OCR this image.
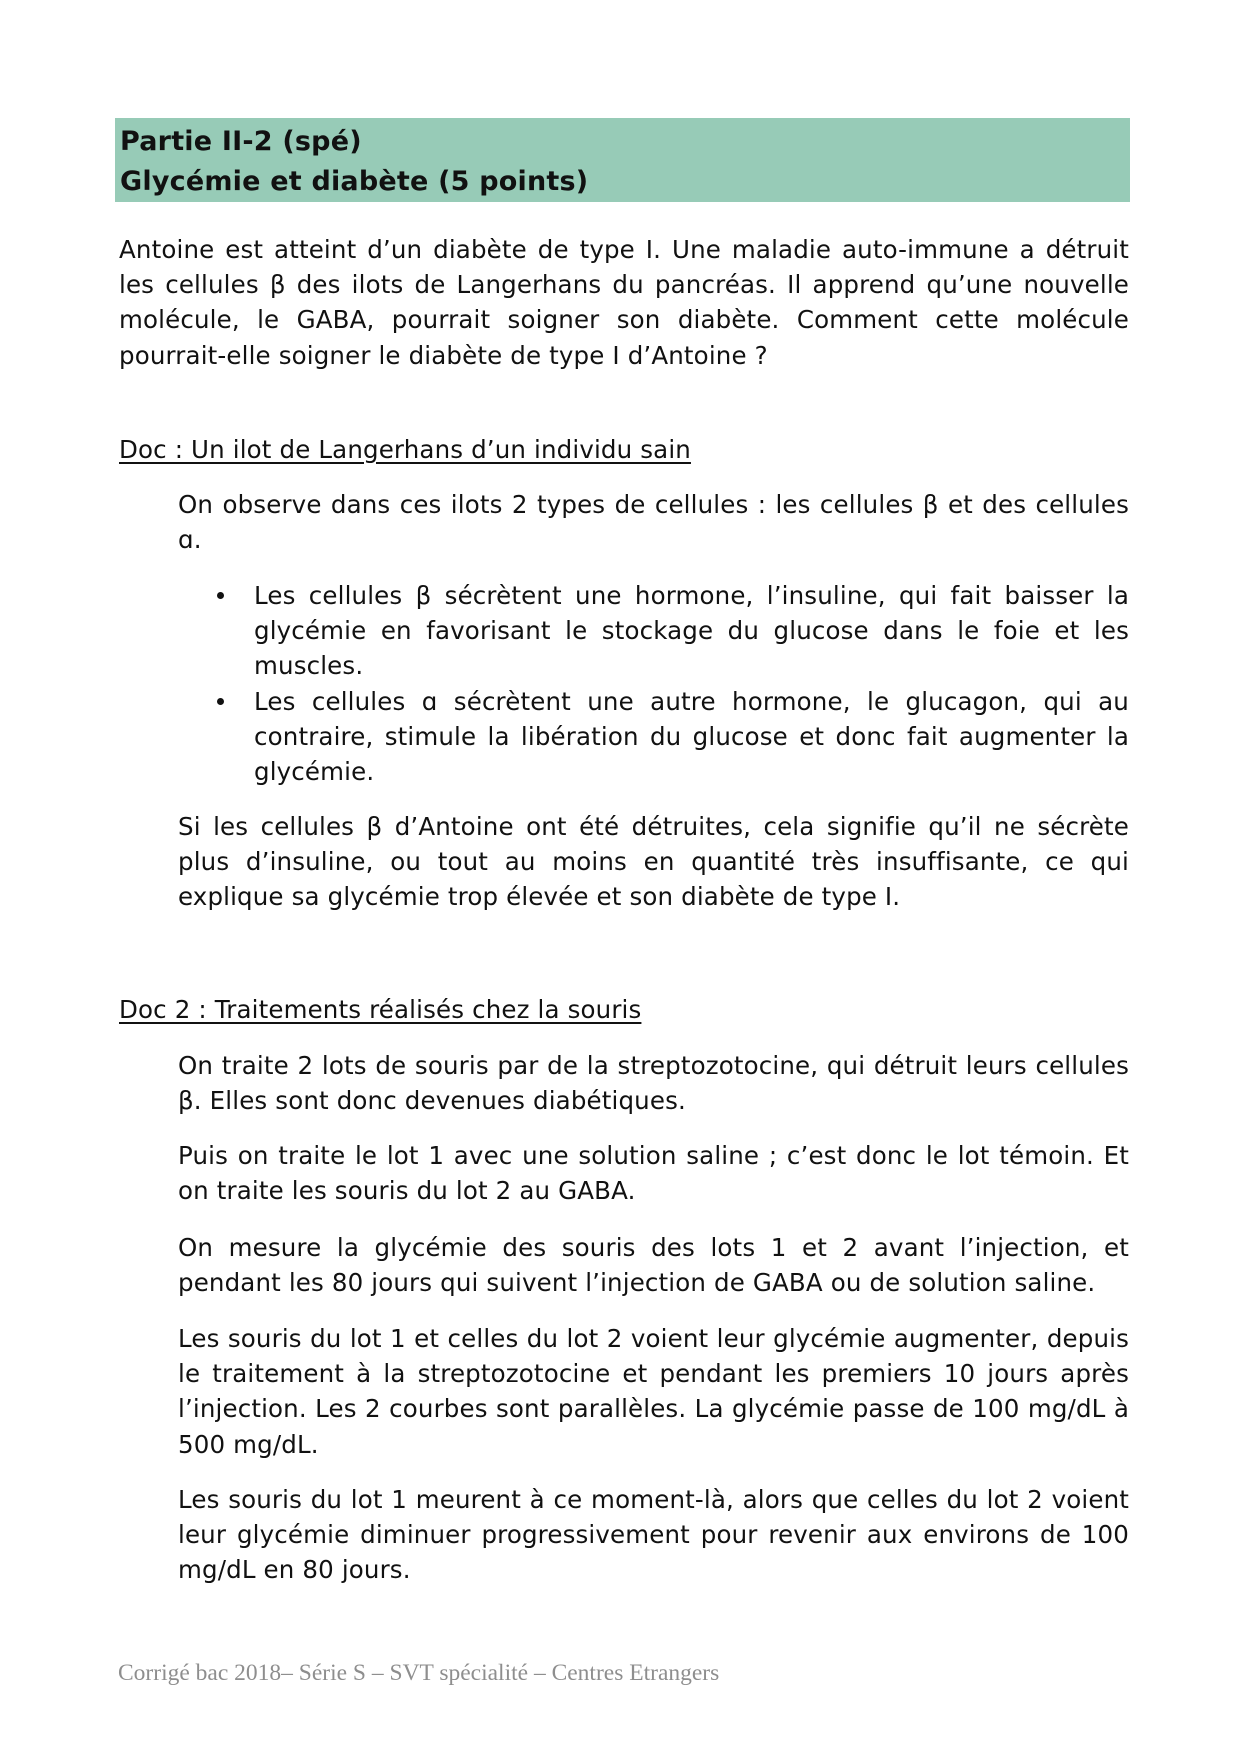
Partie II-2 (spé)
Glycémie et diabète (5 points)

Antoine est atteint d’un diabète de type I. Une maladie auto-immune a détruit les cellules β des ilots de Langerhans du pancréas. Il apprend qu’une nouvelle molécule, le GABA, pourrait soigner son diabète. Comment cette molécule pourrait-elle soigner le diabète de type I d’Antoine ?

Doc : Un ilot de Langerhans d’un individu sain

On observe dans ces ilots 2 types de cellules : les cellules β et des cellules ɑ.

Les cellules β sécrètent une hormone, l’insuline, qui fait baisser la glycémie en favorisant le stockage du glucose dans le foie et les muscles.
Les cellules ɑ sécrètent une autre hormone, le glucagon, qui au contraire, stimule la libération du glucose et donc fait augmenter la glycémie.

Si les cellules β d’Antoine ont été détruites, cela signifie qu’il ne sécrète plus d’insuline, ou tout au moins en quantité très insuffisante, ce qui explique sa glycémie trop élevée et son diabète de type I.

Doc 2 : Traitements réalisés chez la souris

On traite 2 lots de souris par de la streptozotocine, qui détruit leurs cellules β. Elles sont donc devenues diabétiques.

Puis on traite le lot 1 avec une solution saline ; c’est donc le lot témoin. Et on traite les souris du lot 2 au GABA.

On mesure la glycémie des souris des lots 1 et 2 avant l’injection, et pendant les 80 jours qui suivent l’injection de GABA ou de solution saline.

Les souris du lot 1 et celles du lot 2 voient leur glycémie augmenter, depuis le traitement à la streptozotocine et pendant les premiers 10 jours après l’injection. Les 2 courbes sont parallèles. La glycémie passe de 100 mg/dL à 500 mg/dL.

Les souris du lot 1 meurent à ce moment-là, alors que celles du lot 2 voient leur glycémie diminuer progressivement pour revenir aux environs de 100 mg/dL en 80 jours.

Corrigé bac 2018– Série S – SVT spécialité – Centres Etrangers
